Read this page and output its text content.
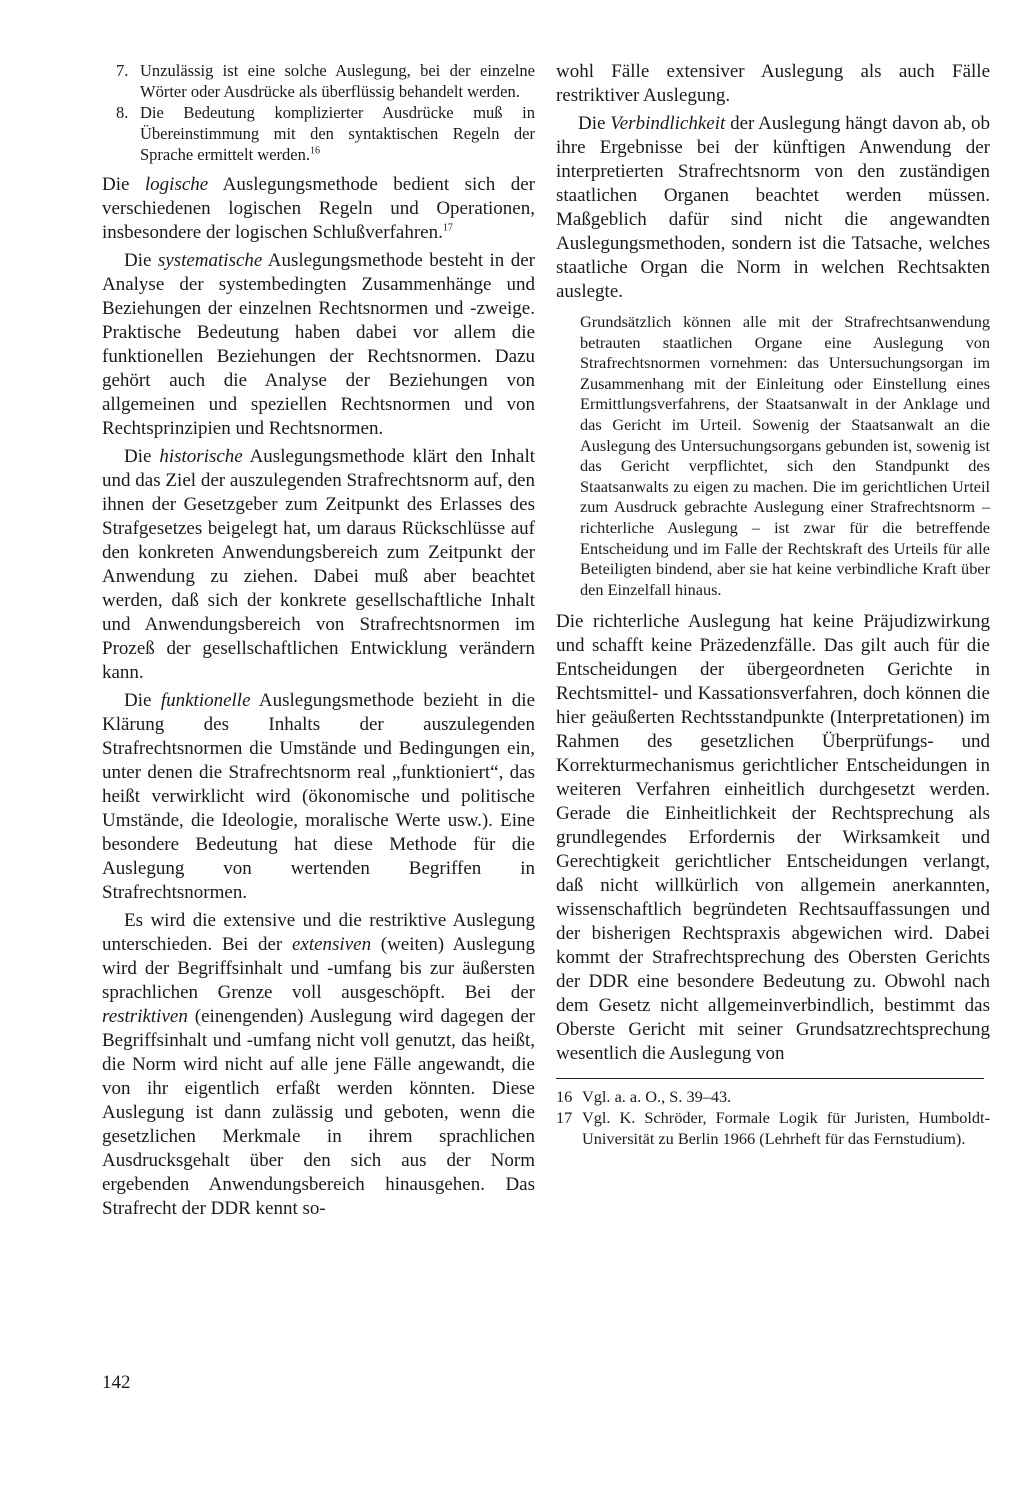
7. Unzulässig ist eine solche Auslegung, bei der einzelne Wörter oder Ausdrücke als überflüssig behandelt werden.
8. Die Bedeutung komplizierter Ausdrücke muß in Übereinstimmung mit den syntaktischen Regeln der Sprache ermittelt werden.$^{16}$

Die logische Auslegungsmethode bedient sich der verschiedenen logischen Regeln und Operationen, insbesondere der logischen Schlußverfahren.$^{17}$

Die systematische Auslegungsmethode besteht in der Analyse der systembedingten Zusammenhänge und Beziehungen der einzelnen Rechtsnormen und -zweige. Praktische Bedeutung haben dabei vor allem die funktionellen Beziehungen der Rechtsnormen. Dazu gehört auch die Analyse der Beziehungen von allgemeinen und speziellen Rechtsnormen und von Rechtsprinzipien und Rechtsnormen.

Die historische Auslegungsmethode klärt den Inhalt und das Ziel der auszulegenden Strafrechtsnorm auf, den ihnen der Gesetzgeber zum Zeitpunkt des Erlasses des Strafgesetzes beigelegt hat, um daraus Rückschlüsse auf den konkreten Anwendungsbereich zum Zeitpunkt der Anwendung zu ziehen. Dabei muß aber beachtet werden, daß sich der konkrete gesellschaftliche Inhalt und Anwendungsbereich von Strafrechtsnormen im Prozeß der gesellschaftlichen Entwicklung verändern kann.

Die funktionelle Auslegungsmethode bezieht in die Klärung des Inhalts der auszulegenden Strafrechtsnormen die Umstände und Bedingungen ein, unter denen die Strafrechtsnorm real „funktioniert“, das heißt verwirklicht wird (ökonomische und politische Umstände, die Ideologie, moralische Werte usw.). Eine besondere Bedeutung hat diese Methode für die Auslegung von wertenden Begriffen in Strafrechtsnormen.

Es wird die extensive und die restriktive Auslegung unterschieden. Bei der extensiven (weiten) Auslegung wird der Begriffsinhalt und -umfang bis zur äußersten sprachlichen Grenze voll ausgeschöpft. Bei der restriktiven (einengenden) Auslegung wird dagegen der Begriffsinhalt und -umfang nicht voll genutzt, das heißt, die Norm wird nicht auf alle jene Fälle angewandt, die von ihr eigentlich erfaßt werden könnten. Diese Auslegung ist dann zulässig und geboten, wenn die gesetzlichen Merkmale in ihrem sprachlichen Ausdrucksgehalt über den sich aus der Norm ergebenden Anwendungsbereich hinausgehen. Das Strafrecht der DDR kennt so-

wohl Fälle extensiver Auslegung als auch Fälle restriktiver Auslegung.

Die Verbindlichkeit der Auslegung hängt davon ab, ob ihre Ergebnisse bei der künftigen Anwendung der interpretierten Strafrechtsnorm von den zuständigen staatlichen Organen beachtet werden müssen. Maßgeblich dafür sind nicht die angewandten Auslegungsmethoden, sondern ist die Tatsache, welches staatliche Organ die Norm in welchen Rechtsakten auslegte.

Grundsätzlich können alle mit der Strafrechtsanwendung betrauten staatlichen Organe eine Auslegung von Strafrechtsnormen vornehmen: das Untersuchungsorgan im Zusammenhang mit der Einleitung oder Einstellung eines Ermittlungsverfahrens, der Staatsanwalt in der Anklage und das Gericht im Urteil. Sowenig der Staatsanwalt an die Auslegung des Untersuchungsorgans gebunden ist, sowenig ist das Gericht verpflichtet, sich den Standpunkt des Staatsanwalts zu eigen zu machen. Die im gerichtlichen Urteil zum Ausdruck gebrachte Auslegung einer Strafrechtsnorm – richterliche Auslegung – ist zwar für die betreffende Entscheidung und im Falle der Rechtskraft des Urteils für alle Beteiligten bindend, aber sie hat keine verbindliche Kraft über den Einzelfall hinaus.

Die richterliche Auslegung hat keine Präjudizwirkung und schafft keine Präzedenzfälle. Das gilt auch für die Entscheidungen der übergeordneten Gerichte in Rechtsmittel- und Kassationsverfahren, doch können die hier geäußerten Rechtsstandpunkte (Interpretationen) im Rahmen des gesetzlichen Überprüfungs- und Korrekturmechanismus gerichtlicher Entscheidungen in weiteren Verfahren einheitlich durchgesetzt werden. Gerade die Einheitlichkeit der Rechtsprechung als grundlegendes Erfordernis der Wirksamkeit und Gerechtigkeit gerichtlicher Entscheidungen verlangt, daß nicht willkürlich von allgemein anerkannten, wissenschaftlich begründeten Rechtsauffassungen und der bisherigen Rechtspraxis abgewichen wird. Dabei kommt der Strafrechtsprechung des Obersten Gerichts der DDR eine besondere Bedeutung zu. Obwohl nach dem Gesetz nicht allgemeinverbindlich, bestimmt das Oberste Gericht mit seiner Grundsatzrechtsprechung wesentlich die Auslegung von

16 Vgl. a. a. O., S. 39–43.
17 Vgl. K. Schröder, Formale Logik für Juristen, Humboldt-Universität zu Berlin 1966 (Lehrheft für das Fernstudium).
142
